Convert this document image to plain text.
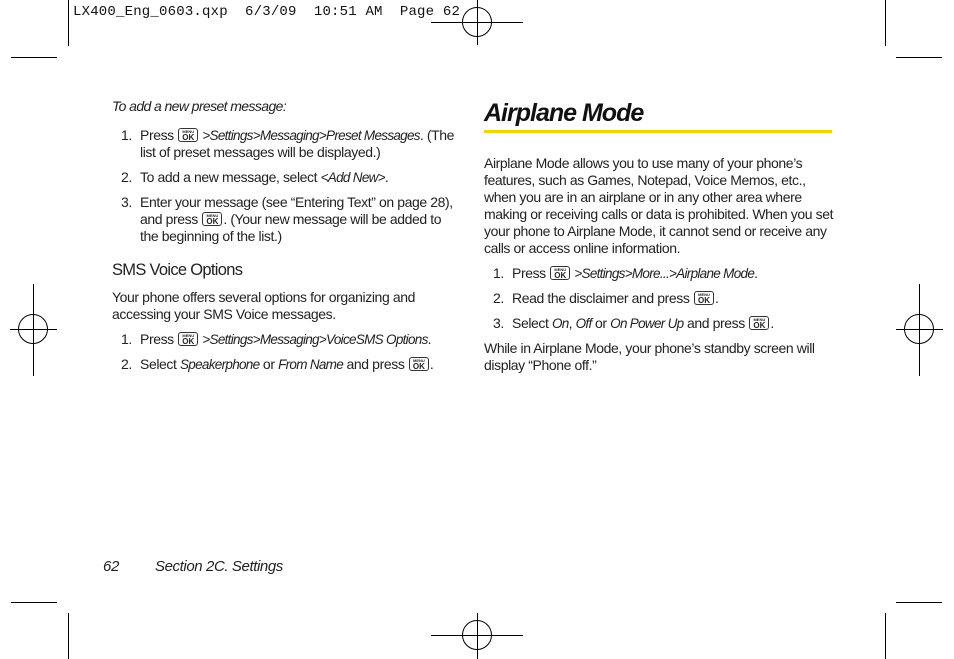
LX400_Eng_0603.qxp  6/3/09  10:51 AM  Page 62
To add a new preset message:
1. Press MENU OK >Settings>Messaging>Preset Messages. (The list of preset messages will be displayed.)
2. To add a new message, select <Add New>.
3. Enter your message (see “Entering Text” on page 28), and press MENU OK. (Your new message will be added to the beginning of the list.)
SMS Voice Options

Your phone offers several options for organizing and accessing your SMS Voice messages.

1. Press MENU OK >Settings>Messaging>VoiceSMS Options.
2. Select Speakerphone or From Name and press MENU OK.
Airplane Mode

Airplane Mode allows you to use many of your phone’s features, such as Games, Notepad, Voice Memos, etc., when you are in an airplane or in any other area where making or receiving calls or data is prohibited. When you set your phone to Airplane Mode, it cannot send or receive any calls or access online information.

1. Press MENU OK >Settings>More...>Airplane Mode.
2. Read the disclaimer and press MENU OK.
3. Select On, Off or On Power Up and press MENU OK.

While in Airplane Mode, your phone’s standby screen will display “Phone off.”

62 Section 2C. Settings
